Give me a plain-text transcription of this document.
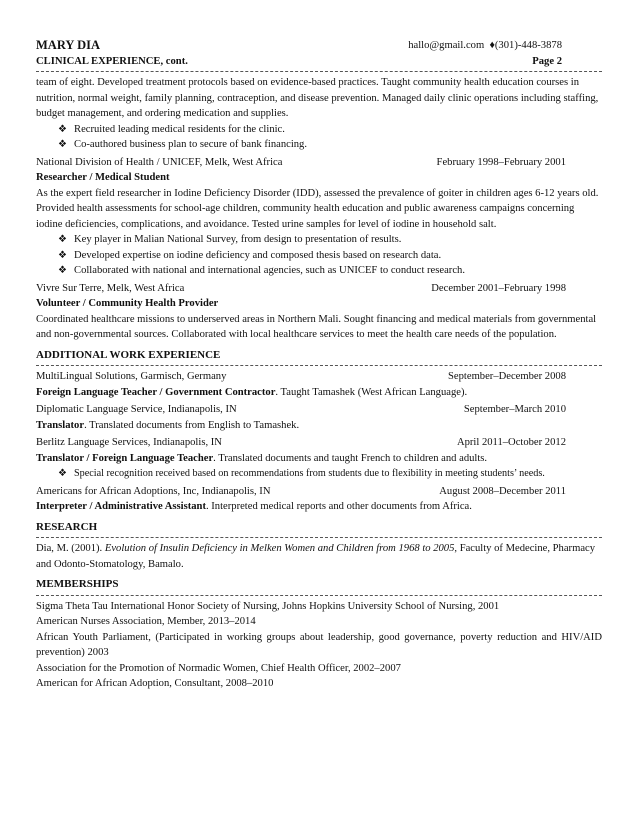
MARY DIA	hallo@gmail.com  ♦(301)-448-3878
CLINICAL EXPERIENCE, cont.	Page 2
team of eight. Developed treatment protocols based on evidence-based practices. Taught community health education courses in nutrition, normal weight, family planning, contraception, and disease prevention. Managed daily clinic operations including staffing, budget management, and ordering medication and supplies.
❖ Recruited leading medical residents for the clinic.
❖ Co-authored business plan to secure of bank financing.
National Division of Health / UNICEF, Melk, West Africa	February 1998–February 2001
Researcher / Medical Student
As the expert field researcher in Iodine Deficiency Disorder (IDD), assessed the prevalence of goiter in children ages 6-12 years old. Provided health assessments for school-age children, community health education and public awareness campaigns concerning iodine deficiencies, complications, and avoidance. Tested urine samples for level of iodine in household salt.
❖ Key player in Malian National Survey, from design to presentation of results.
❖ Developed expertise on iodine deficiency and composed thesis based on research data.
❖ Collaborated with national and international agencies, such as UNICEF to conduct research.
Vivre Sur Terre, Melk, West Africa	December 2001–February 1998
Volunteer / Community Health Provider
Coordinated healthcare missions to underserved areas in Northern Mali. Sought financing and medical materials from governmental and non-governmental sources. Collaborated with local healthcare services to meet the health care needs of the population.
ADDITIONAL WORK EXPERIENCE
MultiLingual Solutions, Garmisch, Germany	September–December 2008
Foreign Language Teacher / Government Contractor. Taught Tamashek (West African Language).
Diplomatic Language Service, Indianapolis, IN	September–March 2010
Translator. Translated documents from English to Tamashek.
Berlitz Language Services, Indianapolis, IN	April 2011–October 2012
Translator / Foreign Language Teacher. Translated documents and taught French to children and adults.
❖ Special recognition received based on recommendations from students due to flexibility in meeting students’ needs.
Americans for African Adoptions, Inc, Indianapolis, IN	August 2008–December 2011
Interpreter / Administrative Assistant. Interpreted medical reports and other documents from Africa.
RESEARCH
Dia, M. (2001). Evolution of Insulin Deficiency in Melken Women and Children from 1968 to 2005, Faculty of Medecine, Pharmacy and Odonto-Stomatology, Bamalo.
MEMBERSHIPS
Sigma Theta Tau International Honor Society of Nursing, Johns Hopkins University School of Nursing, 2001
American Nurses Association, Member, 2013–2014
African Youth Parliament, (Participated in working groups about leadership, good governance, poverty reduction and HIV/AID prevention) 2003
Association for the Promotion of Normadic Women, Chief Health Officer, 2002–2007
American for African Adoption, Consultant, 2008–2010
